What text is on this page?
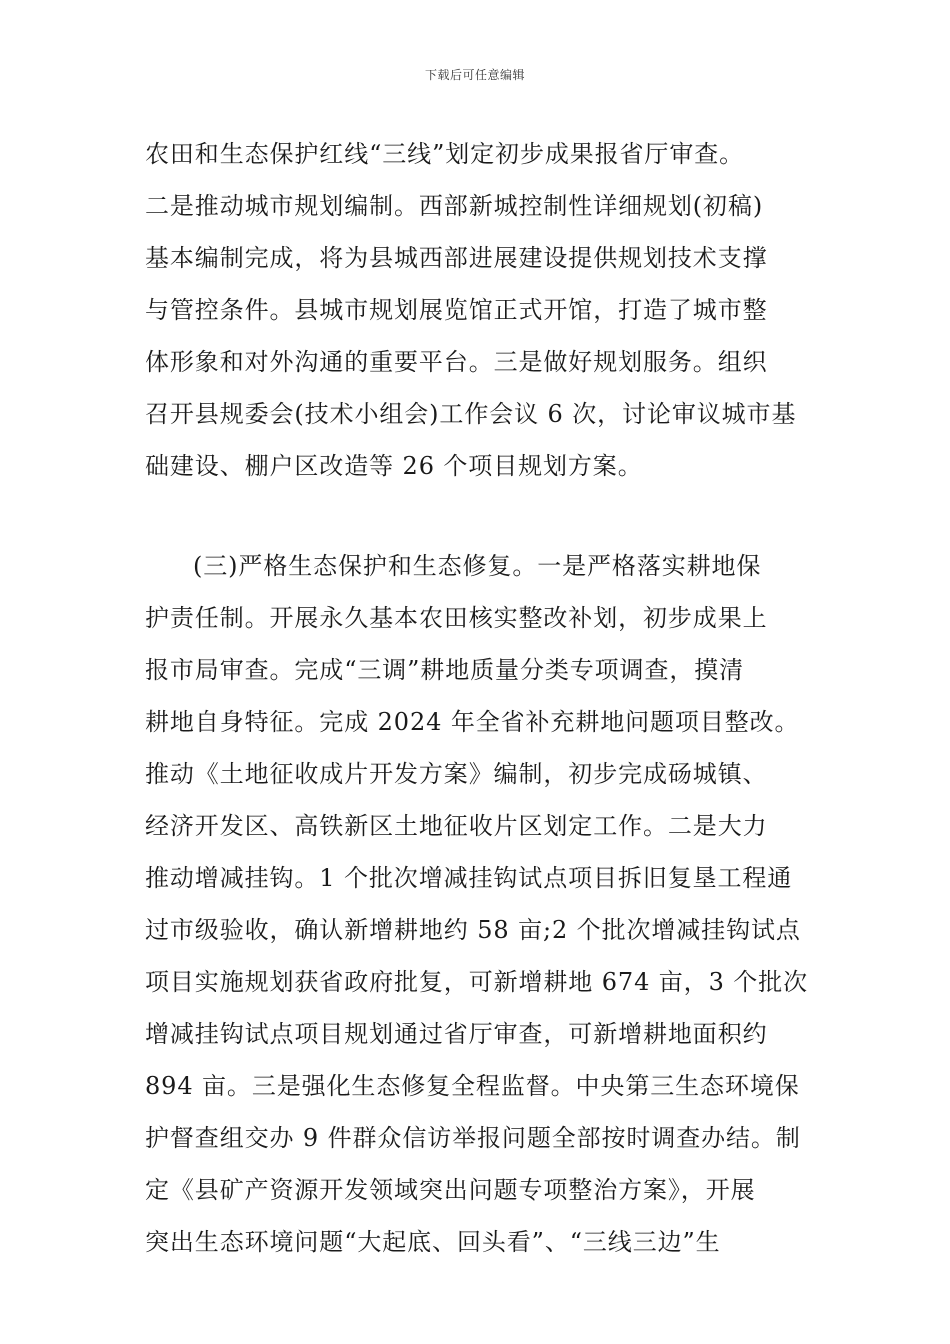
下载后可任意编辑
农田和生态保护红线“三线”划定初步成果报省厅审查。
二是推动城市规划编制。西部新城控制性详细规划(初稿)
基本编制完成，将为县城西部进展建设提供规划技术支撑
与管控条件。县城市规划展览馆正式开馆，打造了城市整
体形象和对外沟通的重要平台。三是做好规划服务。组织
召开县规委会(技术小组会)工作会议 6 次，讨论审议城市基
础建设、棚户区改造等 26 个项目规划方案。
(三)严格生态保护和生态修复。一是严格落实耕地保
护责任制。开展永久基本农田核实整改补划，初步成果上
报市局审查。完成“三调”耕地质量分类专项调查，摸清
耕地自身特征。完成 2024 年全省补充耕地问题项目整改。
推动《土地征收成片开发方案》编制，初步完成砀城镇、
经济开发区、高铁新区土地征收片区划定工作。二是大力
推动增减挂钩。1 个批次增减挂钩试点项目拆旧复垦工程通
过市级验收，确认新增耕地约 58 亩;2 个批次增减挂钩试点
项目实施规划获省政府批复，可新增耕地 674 亩，3 个批次
增减挂钩试点项目规划通过省厅审查，可新增耕地面积约
894 亩。三是强化生态修复全程监督。中央第三生态环境保
护督查组交办 9 件群众信访举报问题全部按时调查办结。制
定《县矿产资源开发领域突出问题专项整治方案》，开展
突出生态环境问题“大起底、回头看”、“三线三边”生
